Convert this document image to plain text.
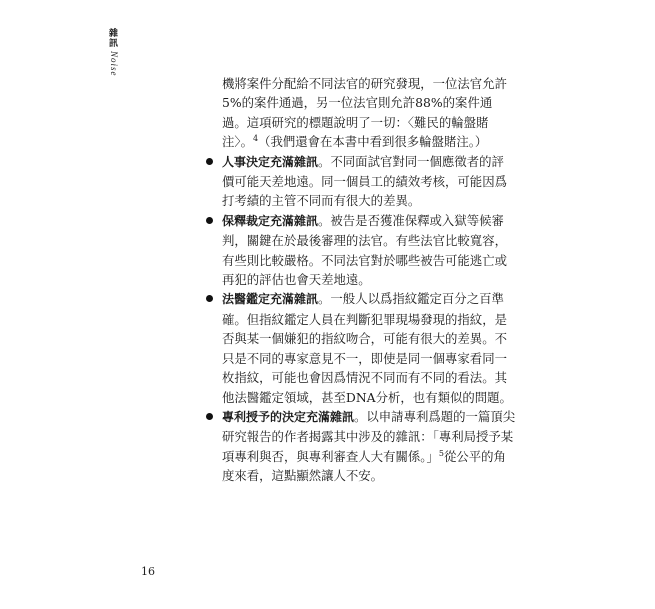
雜訊
Noise

機將案件分配給不同法官的研究發現，一位法官允許5%的案件通過，另一位法官則允許88%的案件通過。這項研究的標題說明了一切：〈難民的輪盤賭注〉。$^4$（我們還會在本書中看到很多輪盤賭注。）

人事決定充滿雜訊。不同面試官對同一個應徵者的評價可能天差地遠。同一個員工的績效考核，可能因爲打考績的主管不同而有很大的差異。
保釋裁定充滿雜訊。被告是否獲准保釋或入獄等候審判，關鍵在於最後審理的法官。有些法官比較寬容，有些則比較嚴格。不同法官對於哪些被告可能逃亡或再犯的評估也會天差地遠。
法醫鑑定充滿雜訊。一般人以爲指紋鑑定百分之百準確。但指紋鑑定人員在判斷犯罪現場發現的指紋，是否與某一個嫌犯的指紋吻合，可能有很大的差異。不只是不同的專家意見不一，即使是同一個專家看同一枚指紋，可能也會因爲情況不同而有不同的看法。其他法醫鑑定領域，甚至DNA分析，也有類似的問題。
專利授予的決定充滿雜訊。以申請專利爲題的一篇頂尖研究報告的作者揭露其中涉及的雜訊：「專利局授予某項專利與否，與專利審查人大有關係。」$^5$從公平的角度來看，這點顯然讓人不安。
16
